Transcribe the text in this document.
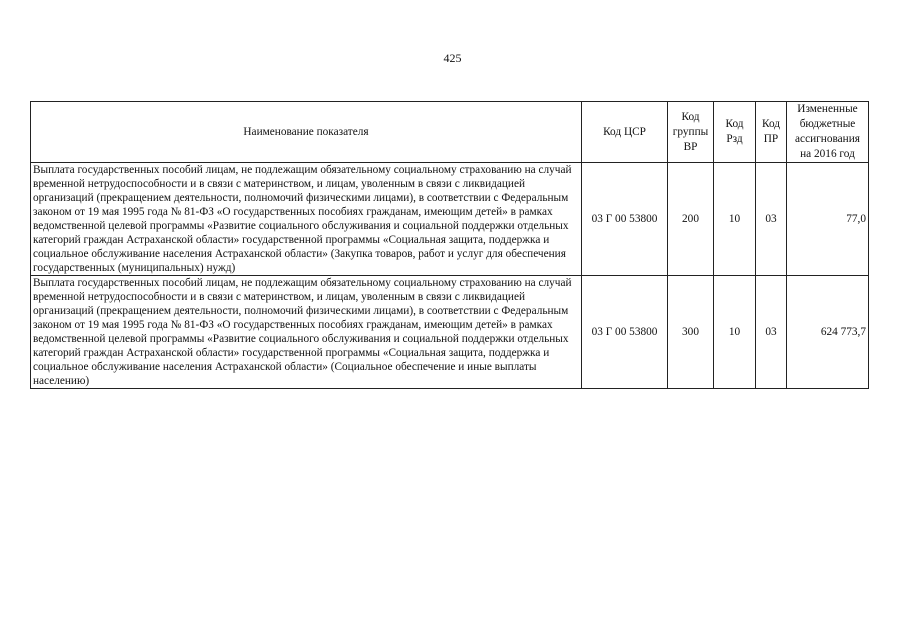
425
Наименование показателя	Код ЦСР	Код группы ВР	Код Рзд	Код ПР	Измененные бюджетные ассигнования на 2016 год
Выплата государственных пособий лицам, не подлежащим обязательному социальному страхованию на случай временной нетрудоспособности и в связи с материнством, и лицам, уволенным в связи с ликвидацией организаций (прекращением деятельности, полномочий физическими лицами), в соответствии с Федеральным законом от 19 мая 1995 года № 81-ФЗ «О государственных пособиях гражданам, имеющим детей» в рамках ведомственной целевой программы «Развитие социального обслуживания и социальной поддержки отдельных категорий граждан Астраханской области» государственной программы «Социальная защита, поддержка и социальное обслуживание населения Астраханской области» (Закупка товаров, работ и услуг для обеспечения государственных (муниципальных) нужд)	03 Г 00 53800	200	10	03	77,0
Выплата государственных пособий лицам, не подлежащим обязательному социальному страхованию на случай временной нетрудоспособности и в связи с материнством, и лицам, уволенным в связи с ликвидацией организаций (прекращением деятельности, полномочий физическими лицами), в соответствии с Федеральным законом от 19 мая 1995 года № 81-ФЗ «О государственных пособиях гражданам, имеющим детей» в рамках ведомственной целевой программы «Развитие социального обслуживания и социальной поддержки отдельных категорий граждан Астраханской области» государственной программы «Социальная защита, поддержка и социальное обслуживание населения Астраханской области» (Социальное обеспечение и иные выплаты населению)	03 Г 00 53800	300	10	03	624 773,7
